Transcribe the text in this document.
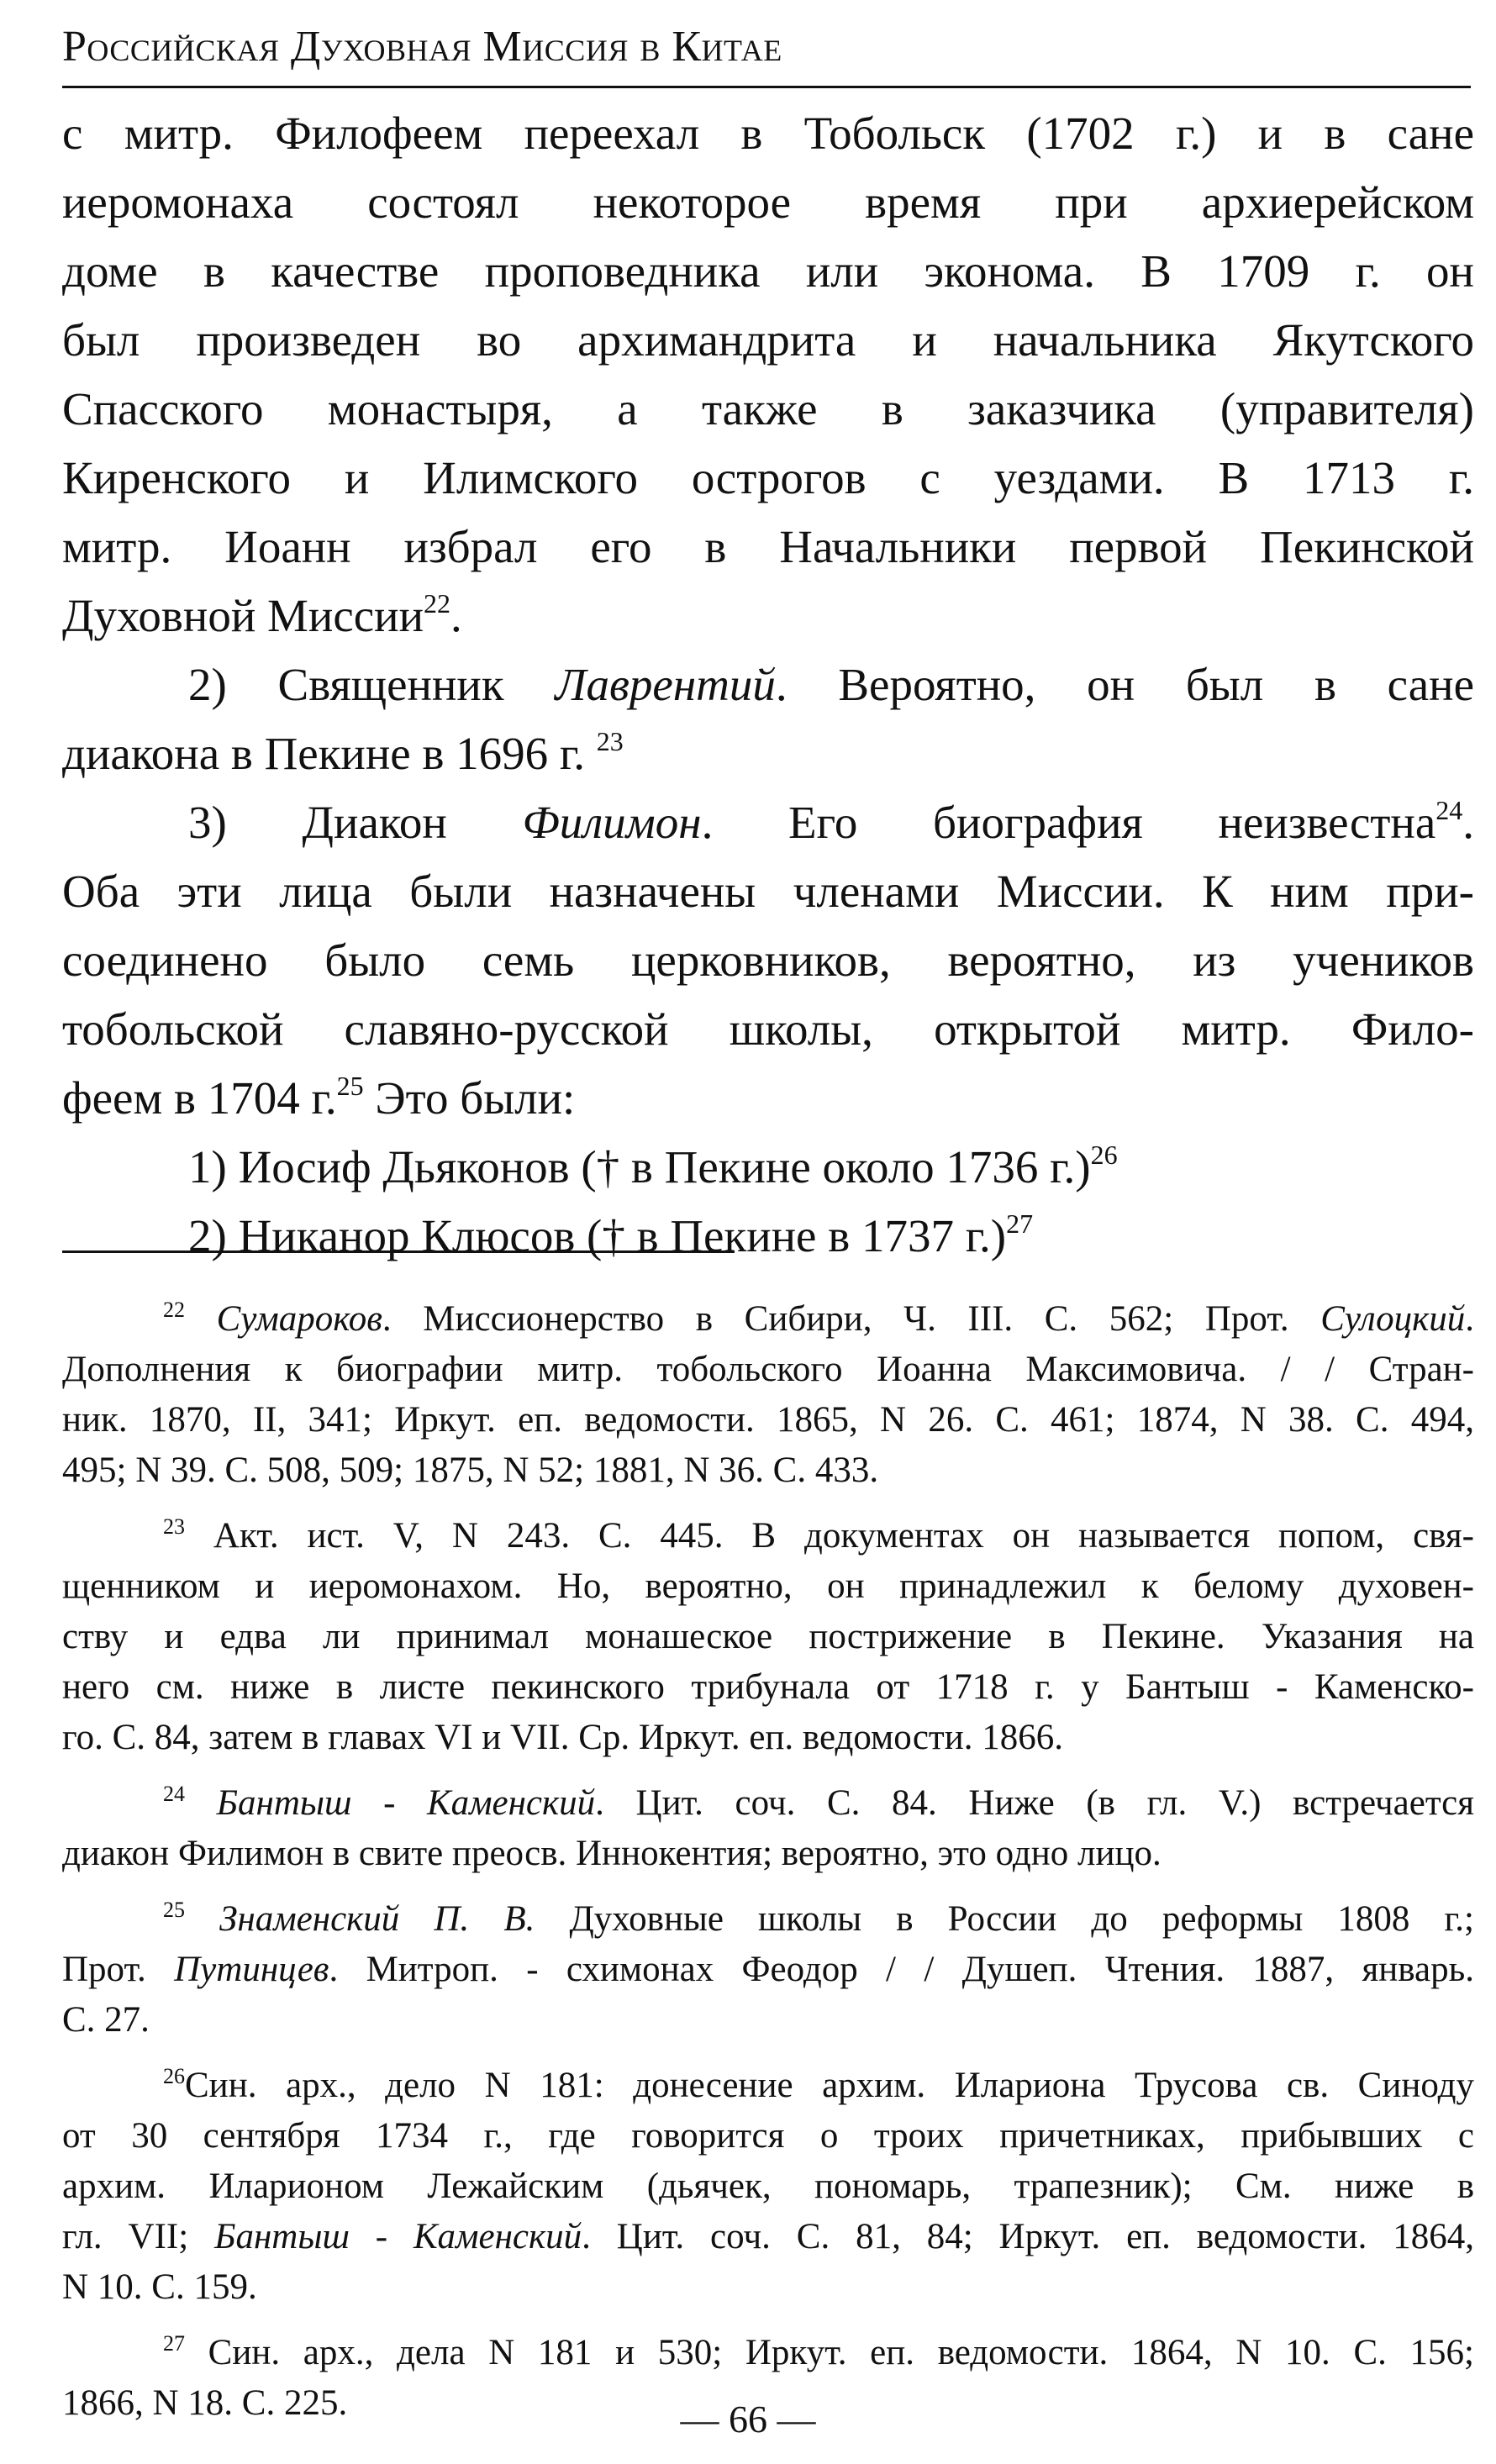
Российская Духовная Миссия в Китае
с митр. Филофеем переехал в Тобольск (1702 г.) и в сане
иеромонаха состоял некоторое время при архиерейском
доме в качестве проповедника или эконома. В 1709 г. он
был произведен во архимандрита и начальника Якутского
Спасского монастыря, а также в заказчика (управителя)
Киренского и Илимского острогов с уездами. В 1713 г.
митр. Иоанн избрал его в Начальники первой Пекинской
Духовной Миссии$^{22}$.
2) Священник Лаврентий. Вероятно, он был в сане
диакона в Пекине в 1696 г. $^{23}$
3) Диакон Филимон. Его биография неизвестна$^{24}$.
Оба эти лица были назначены членами Миссии. К ним при-
соединено было семь церковников, вероятно, из учеников
тобольской славяно-русской школы, открытой митр. Фило-
феем в 1704 г.$^{25}$ Это были:
1) Иосиф Дьяконов († в Пекине около 1736 г.)$^{26}$
2) Никанор Клюсов († в Пекине в 1737 г.)$^{27}$
$^{22}$ Сумароков. Миссионерство в Сибири, Ч. III. С. 562; Прот. Сулоцкий.
Дополнения к биографии митр. тобольского Иоанна Максимовича. / / Стран-
ник. 1870, II, 341; Иркут. еп. ведомости. 1865, N 26. С. 461; 1874, N 38. С. 494,
495; N 39. С. 508, 509; 1875, N 52; 1881, N 36. С. 433.
$^{23}$ Акт. ист. V, N 243. С. 445. В документах он называется попом, свя-
щенником и иеромонахом. Но, вероятно, он принадлежил к белому духовен-
ству и едва ли принимал монашеское пострижение в Пекине. Указания на
него см. ниже в листе пекинского трибунала от 1718 г. у Бантыш - Каменско-
го. С. 84, затем в главах VI и VII. Ср. Иркут. еп. ведомости. 1866.
$^{24}$ Бантыш - Каменский. Цит. соч. С. 84. Ниже (в гл. V.) встречается
диакон Филимон в свите преосв. Иннокентия; вероятно, это одно лицо.
$^{25}$ Знаменский П. В. Духовные школы в России до реформы 1808 г.;
Прот. Путинцев. Митроп. - схимонах Феодор / / Душеп. Чтения. 1887, январь.
С. 27.
$^{26}$Син. арх., дело N 181: донесение архим. Илариона Трусова св. Синоду
от 30 сентября 1734 г., где говорится о троих причетниках, прибывших с
архим. Иларионом Лежайским (дьячек, пономарь, трапезник); См. ниже в
гл. VII; Бантыш - Каменский. Цит. соч. С. 81, 84; Иркут. еп. ведомости. 1864,
N 10. С. 159.
$^{27}$ Син. арх., дела N 181 и 530; Иркут. еп. ведомости. 1864, N 10. С. 156;
1866, N 18. С. 225.	— 66 —
